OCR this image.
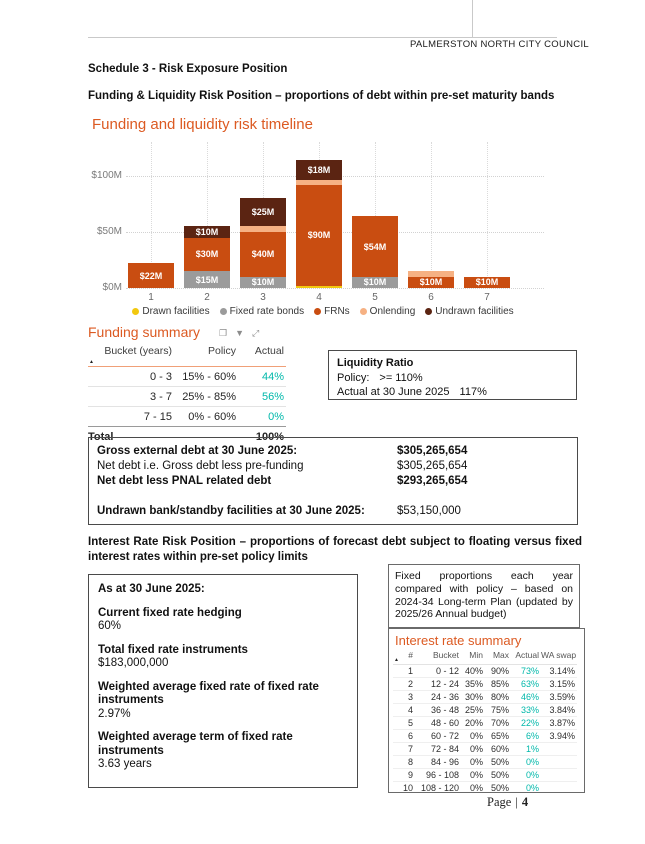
PALMERSTON NORTH CITY COUNCIL
Schedule 3 - Risk Exposure Position
Funding & Liquidity Risk Position – proportions of debt within pre-set maturity bands
Funding and liquidity risk timeline
$0M
$50M
$100M
1	2	3	4	5	6	7
$22M	$15M
$30M
$10M
$10M
$40M
$25M
$90M
$18M
$10M
$54M
$10M	$10M
Drawn facilities Fixed rate bonds FRNs Onlending Undrawn facilities
Funding summary ❐ ▼ ⤢
Bucket (years)
▲	Policy	Actual
0 - 3	15% - 60%	44%
3 - 7	25% - 85%	56%
7 - 15	0% - 60%	0%
Total		100%
Liquidity Ratio
Policy: >= 110%
Actual at 30 June 2025 117%
Gross external debt at 30 June 2025:	$305,265,654
Net debt i.e. Gross debt less pre-funding	$305,265,654
Net debt less PNAL related debt	$293,265,654
Undrawn bank/standby facilities at 30 June 2025:	$53,150,000
Interest Rate Risk Position – proportions of forecast debt subject to floating versus fixed interest rates within pre-set policy limits
As at 30 June 2025:
Current fixed rate hedging
60%
Total fixed rate instruments
$183,000,000
Weighted average fixed rate of fixed rate instruments
2.97%
Weighted average term of fixed rate instruments
3.63 years
Fixed proportions each year compared with policy – based on 2024-34 Long-term Plan (updated by 2025/26 Annual budget)
Interest rate summary
#
▲	Bucket	Min	Max	Actual	WA swap
1	0 - 12	40%	90%	73%	3.14%
2	12 - 24	35%	85%	63%	3.15%
3	24 - 36	30%	80%	46%	3.59%
4	36 - 48	25%	75%	33%	3.84%
5	48 - 60	20%	70%	22%	3.87%
6	60 - 72	0%	65%	6%	3.94%
7	72 - 84	0%	60%	1%	
8	84 - 96	0%	50%	0%	
9	96 - 108	0%	50%	0%	
10	108 - 120	0%	50%	0%	
Page | 4
